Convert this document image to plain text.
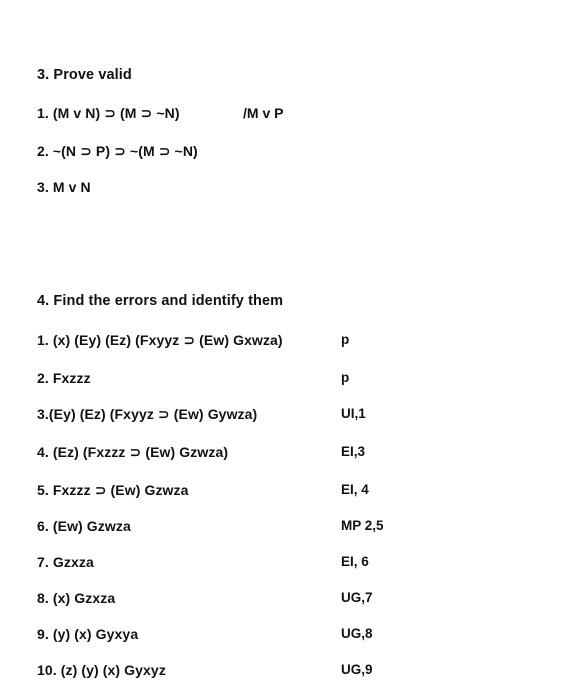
3. Prove valid
1. (M v N) ⊃ (M ⊃ ~N)	/M v P
2. ~(N ⊃ P) ⊃ ~(M ⊃ ~N)
3. M v N
4. Find the errors and identify them
1. (x) (Ey) (Ez) (Fxyyz ⊃ (Ew) Gxwza)	p
2. Fxzzz	p
3.(Ey) (Ez) (Fxyyz ⊃ (Ew) Gywza)	UI,1
4. (Ez) (Fxzzz ⊃ (Ew) Gzwza)	EI,3
5. Fxzzz ⊃ (Ew) Gzwza	EI, 4
6. (Ew) Gzwza	MP 2,5
7. Gzxza	EI, 6
8. (x) Gzxza	UG,7
9. (y) (x) Gyxya	UG,8
10. (z) (y) (x) Gyxyz	UG,9
